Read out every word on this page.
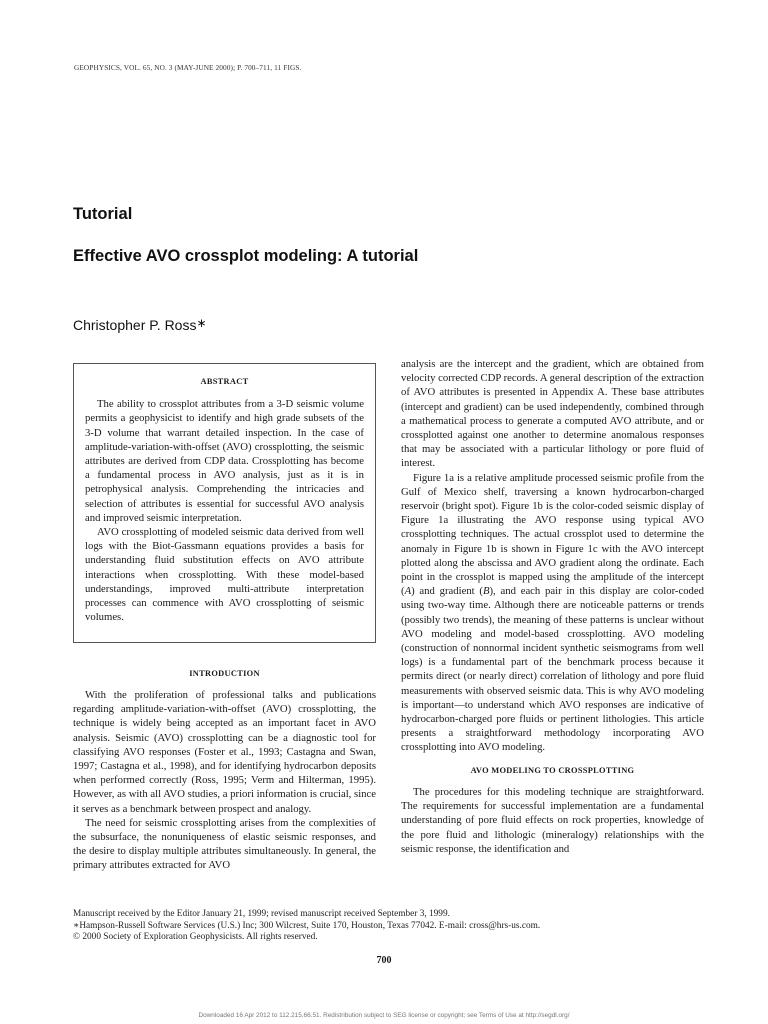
GEOPHYSICS, VOL. 65, NO. 3 (MAY-JUNE 2000); P. 700–711, 11 FIGS.
Tutorial
Effective AVO crossplot modeling: A tutorial
Christopher P. Ross∗

ABSTRACT

The ability to crossplot attributes from a 3-D seismic volume permits a geophysicist to identify and high grade subsets of the 3-D volume that warrant detailed inspection. In the case of amplitude-variation-with-offset (AVO) crossplotting, the seismic attributes are derived from CDP data. Crossplotting has become a fundamental process in AVO analysis, just as it is in petrophysical analysis. Comprehending the intricacies and selection of attributes is essential for successful AVO analysis and improved seismic interpretation.

AVO crossplotting of modeled seismic data derived from well logs with the Biot-Gassmann equations provides a basis for understanding fluid substitution effects on AVO attribute interactions when crossplotting. With these model-based understandings, improved multi-attribute interpretation processes can commence with AVO crossplotting of seismic volumes.

INTRODUCTION

With the proliferation of professional talks and publications regarding amplitude-variation-with-offset (AVO) crossplotting, the technique is widely being accepted as an important facet in AVO analysis. Seismic (AVO) crossplotting can be a diagnostic tool for classifying AVO responses (Foster et al., 1993; Castagna and Swan, 1997; Castagna et al., 1998), and for identifying hydrocarbon deposits when performed correctly (Ross, 1995; Verm and Hilterman, 1995). However, as with all AVO studies, a priori information is crucial, since it serves as a benchmark between prospect and analogy.

The need for seismic crossplotting arises from the complexities of the subsurface, the nonuniqueness of elastic seismic responses, and the desire to display multiple attributes simultaneously. In general, the primary attributes extracted for AVO

analysis are the intercept and the gradient, which are obtained from velocity corrected CDP records. A general description of the extraction of AVO attributes is presented in Appendix A. These base attributes (intercept and gradient) can be used independently, combined through a mathematical process to generate a computed AVO attribute, and or crossplotted against one another to determine anomalous responses that may be associated with a particular lithology or pore fluid of interest.

Figure 1a is a relative amplitude processed seismic profile from the Gulf of Mexico shelf, traversing a known hydrocarbon-charged reservoir (bright spot). Figure 1b is the color-coded seismic display of Figure 1a illustrating the AVO response using typical AVO crossplotting techniques. The actual crossplot used to determine the anomaly in Figure 1b is shown in Figure 1c with the AVO intercept plotted along the abscissa and AVO gradient along the ordinate. Each point in the crossplot is mapped using the amplitude of the intercept (A) and gradient (B), and each pair in this display are color-coded using two-way time. Although there are noticeable patterns or trends (possibly two trends), the meaning of these patterns is unclear without AVO modeling and model-based crossplotting. AVO modeling (construction of nonnormal incident synthetic seismograms from well logs) is a fundamental part of the benchmark process because it permits direct (or nearly direct) correlation of lithology and pore fluid measurements with observed seismic data. This is why AVO modeling is important—to understand which AVO responses are indicative of hydrocarbon-charged pore fluids or pertinent lithologies. This article presents a straightforward methodology incorporating AVO crossplotting into AVO modeling.

AVO MODELING TO CROSSPLOTTING

The procedures for this modeling technique are straightforward. The requirements for successful implementation are a fundamental understanding of pore fluid effects on rock properties, knowledge of the pore fluid and lithologic (mineralogy) relationships with the seismic response, the identification and

Manuscript received by the Editor January 21, 1999; revised manuscript received September 3, 1999.
∗Hampson-Russell Software Services (U.S.) Inc; 300 Wilcrest, Suite 170, Houston, Texas 77042. E-mail: cross@hrs-us.com.
© 2000 Society of Exploration Geophysicists. All rights reserved.
700
Downloaded 16 Apr 2012 to 112.215.66.51. Redistribution subject to SEG license or copyright; see Terms of Use at http://segdl.org/
